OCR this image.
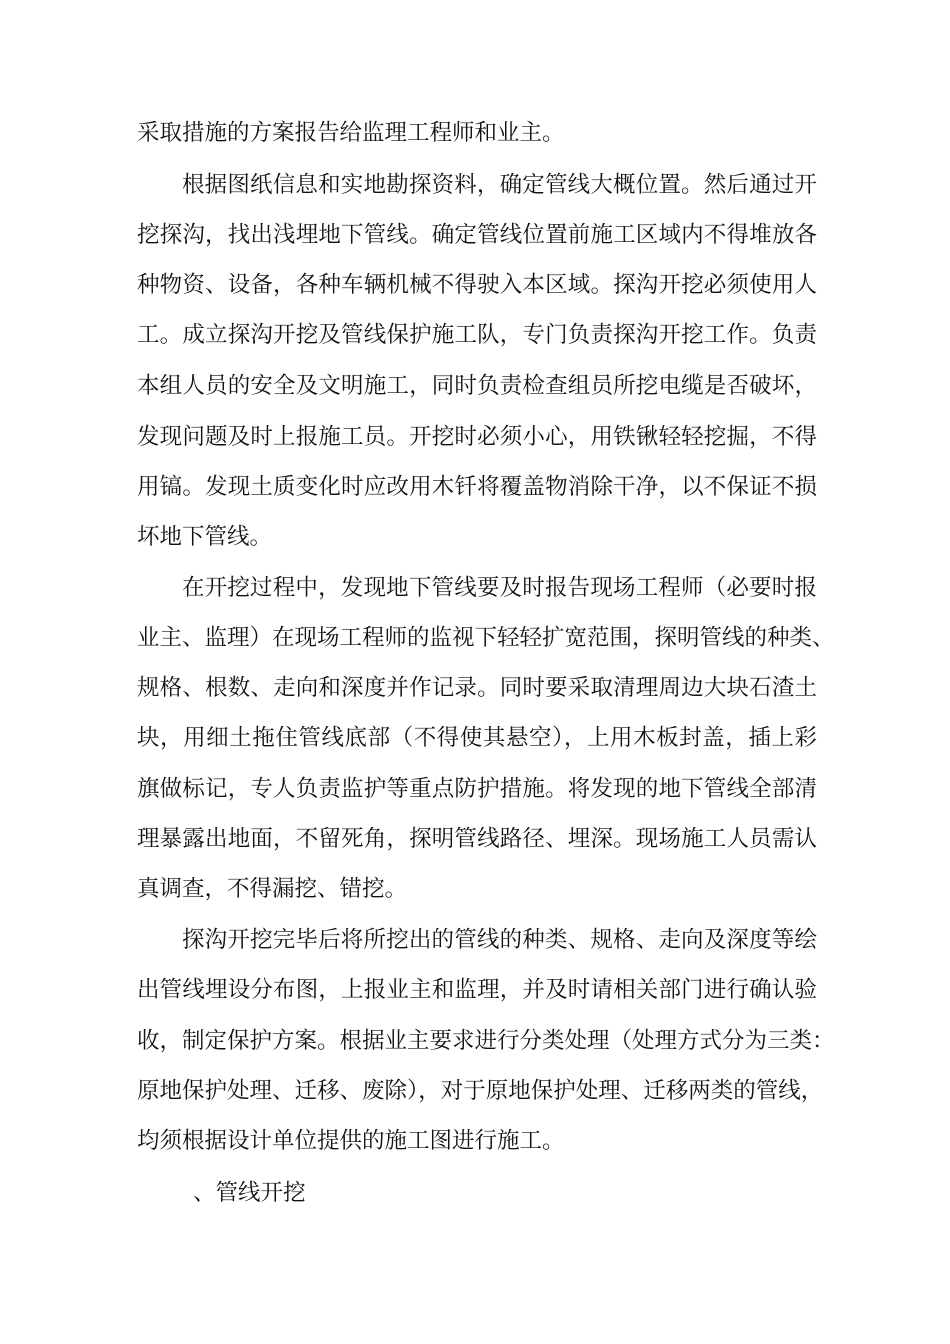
采取措施的方案报告给监理工程师和业主。
根据图纸信息和实地勘探资料，确定管线大概位置。然后通过开
挖探沟，找出浅埋地下管线。确定管线位置前施工区域内不得堆放各
种物资、设备，各种车辆机械不得驶入本区域。探沟开挖必须使用人
工。成立探沟开挖及管线保护施工队，专门负责探沟开挖工作。负责
本组人员的安全及文明施工，同时负责检查组员所挖电缆是否破坏，
发现问题及时上报施工员。开挖时必须小心，用铁锹轻轻挖掘，不得
用镐。发现土质变化时应改用木钎将覆盖物消除干净，以不保证不损
坏地下管线。
在开挖过程中，发现地下管线要及时报告现场工程师（必要时报
业主、监理）在现场工程师的监视下轻轻扩宽范围，探明管线的种类、
规格、根数、走向和深度并作记录。同时要采取清理周边大块石渣土
块，用细土拖住管线底部（不得使其悬空），上用木板封盖，插上彩
旗做标记，专人负责监护等重点防护措施。将发现的地下管线全部清
理暴露出地面，不留死角，探明管线路径、埋深。现场施工人员需认
真调查，不得漏挖、错挖。
探沟开挖完毕后将所挖出的管线的种类、规格、走向及深度等绘
出管线埋设分布图，上报业主和监理，并及时请相关部门进行确认验
收，制定保护方案。根据业主要求进行分类处理（处理方式分为三类：
原地保护处理、迁移、废除），对于原地保护处理、迁移两类的管线，
均须根据设计单位提供的施工图进行施工。
、管线开挖
